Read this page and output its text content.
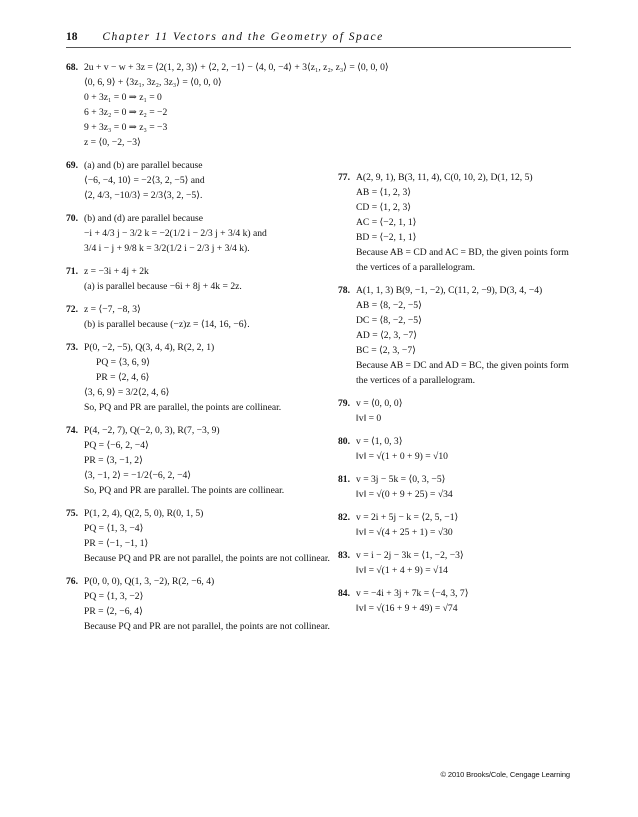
18 Chapter 11 Vectors and the Geometry of Space
68. 2u + v − w + 3z = ⟨2(1, 2, 3)⟩ + ⟨2, 2, −1⟩ − ⟨4, 0, −4⟩ + 3⟨z₁, z₂, z₃⟩ = ⟨0, 0, 0⟩
⟨0, 6, 9⟩ + ⟨3z₁, 3z₂, 3z₃⟩ = ⟨0, 0, 0⟩
0 + 3z₁ = 0 ⇒ z₁ = 0
6 + 3z₂ = 0 ⇒ z₂ = −2
9 + 3z₃ = 0 ⇒ z₃ = −3
z = ⟨0, −2, −3⟩
69. (a) and (b) are parallel because
⟨−6, −4, 10⟩ = −2⟨3, 2, −5⟩ and
⟨2, 4/3, −10/3⟩ = 2/3⟨3, 2, −5⟩.
70. (b) and (d) are parallel because
−i + 4/3 j − 3/2 k = −2(1/2 i − 2/3 j + 3/4 k) and
3/4 i − j + 9/8 k = 3/2(1/2 i − 2/3 j + 3/4 k).
71. z = −3i + 4j + 2k
(a) is parallel because −6i + 8j + 4k = 2z.
72. z = ⟨−7, −8, 3⟩
(b) is parallel because (−z)z = ⟨14, 16, −6⟩.
73. P(0, −2, −5), Q(3, 4, 4), R(2, 2, 1)
PQ = ⟨3, 6, 9⟩
PR = ⟨2, 4, 6⟩
⟨3, 6, 9⟩ = 3/2⟨2, 4, 6⟩
So, PQ and PR are parallel, the points are collinear.
74. P(4, −2, 7), Q(−2, 0, 3), R(7, −3, 9)
PQ = ⟨−6, 2, −4⟩
PR = ⟨3, −1, 2⟩
⟨3, −1, 2⟩ = −1/2⟨−6, 2, −4⟩
So, PQ and PR are parallel. The points are collinear.
75. P(1, 2, 4), Q(2, 5, 0), R(0, 1, 5)
PQ = ⟨1, 3, −4⟩
PR = ⟨−1, −1, 1⟩
Because PQ and PR are not parallel, the points are not collinear.
76. P(0, 0, 0), Q(1, 3, −2), R(2, −6, 4)
PQ = ⟨1, 3, −2⟩
PR = ⟨2, −6, 4⟩
Because PQ and PR are not parallel, the points are not collinear.
77. A(2, 9, 1), B(3, 11, 4), C(0, 10, 2), D(1, 12, 5)
AB = ⟨1, 2, 3⟩
CD = ⟨1, 2, 3⟩
AC = ⟨−2, 1, 1⟩
BD = ⟨−2, 1, 1⟩
Because AB = CD and AC = BD, the given points form the vertices of a parallelogram.
78. A(1, 1, 3) B(9, −1, −2), C(11, 2, −9), D(3, 4, −4)
AB = ⟨8, −2, −5⟩
DC = ⟨8, −2, −5⟩
AD = ⟨2, 3, −7⟩
BC = ⟨2, 3, −7⟩
Because AB = DC and AD = BC, the given points form the vertices of a parallelogram.
79. v = ⟨0, 0, 0⟩
‖v‖ = 0
80. v = ⟨1, 0, 3⟩
‖v‖ = √(1 + 0 + 9) = √10
81. v = 3j − 5k = ⟨0, 3, −5⟩
‖v‖ = √(0 + 9 + 25) = √34
82. v = 2i + 5j − k = ⟨2, 5, −1⟩
‖v‖ = √(4 + 25 + 1) = √30
83. v = i − 2j − 3k = ⟨1, −2, −3⟩
‖v‖ = √(1 + 4 + 9) = √14
84. v = −4i + 3j + 7k = ⟨−4, 3, 7⟩
‖v‖ = √(16 + 9 + 49) = √74
© 2010 Brooks/Cole, Cengage Learning
